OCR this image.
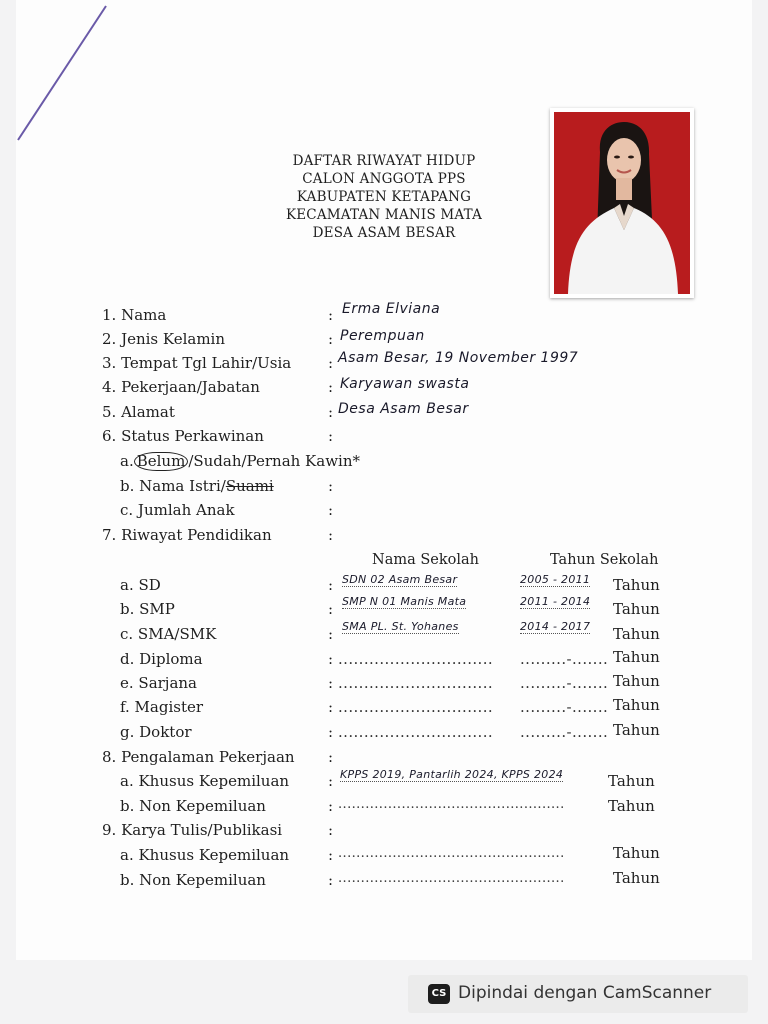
DAFTAR RIWAYAT HIDUP
CALON ANGGOTA PPS
KABUPATEN KETAPANG
KECAMATAN MANIS MATA
DESA ASAM BESAR
1. Nama	: Erma Elviana
2. Jenis Kelamin	: Perempuan
3. Tempat Tgl Lahir/Usia : Asam Besar, 19 November 1997
4. Pekerjaan/Jabatan	: Karyawan swasta
5. Alamat	: Desa Asam Besar
6. Status Perkawinan	:
a. Belum /Sudah/Pernah Kawin*
b. Nama Istri/Suami	:
c. Jumlah Anak	:
7. Riwayat Pendidikan	:
Nama Sekolah	Tahun Sekolah
a. SD	: SDN 02 Asam Besar	2005 - 2011 Tahun
b. SMP	: SMP N 01 Manis Mata	2011 - 2014 Tahun
c. SMA/SMK	: SMA PL. St. Yohanes	2014 - 2017 Tahun
d. Diploma	: .............................. .........-....... Tahun
e. Sarjana	: .............................. .........-....... Tahun
f. Magister	: .............................. .........-....... Tahun
g. Doktor	: .............................. .........-....... Tahun
8. Pengalaman Pekerjaan :
a. Khusus Kepemiluan	: KPPS 2019, Pantarlih 2024, KPPS 2024	Tahun
b. Non Kepemiluan	: ..................................................	Tahun
9. Karya Tulis/Publikasi	:
a. Khusus Kepemiluan	: ..................................................	Tahun
b. Non Kepemiluan	: ..................................................	Tahun
CS Dipindai dengan CamScanner
